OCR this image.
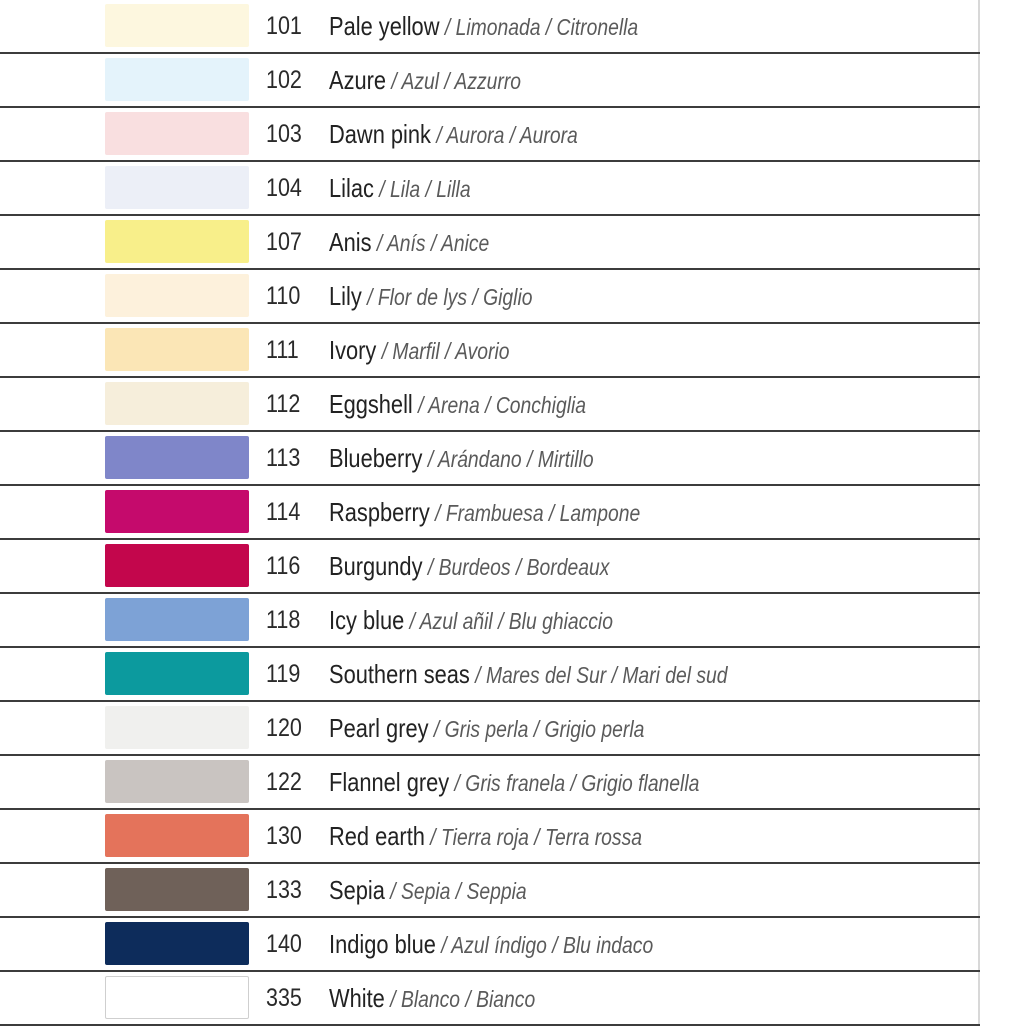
101 Pale yellow / Limonada / Citronella
102 Azure / Azul / Azzurro
103 Dawn pink / Aurora / Aurora
104 Lilac / Lila / Lilla
107 Anis / Anís / Anice
110 Lily / Flor de lys / Giglio
111 Ivory / Marfil / Avorio
112 Eggshell / Arena / Conchiglia
113 Blueberry / Arándano / Mirtillo
114 Raspberry / Frambuesa / Lampone
116 Burgundy / Burdeos / Bordeaux
118 Icy blue / Azul añil / Blu ghiaccio
119 Southern seas / Mares del Sur / Mari del sud
120 Pearl grey / Gris perla / Grigio perla
122 Flannel grey / Gris franela / Grigio flanella
130 Red earth / Tierra roja / Terra rossa
133 Sepia / Sepia / Seppia
140 Indigo blue / Azul índigo / Blu indaco
335 White / Blanco / Bianco
